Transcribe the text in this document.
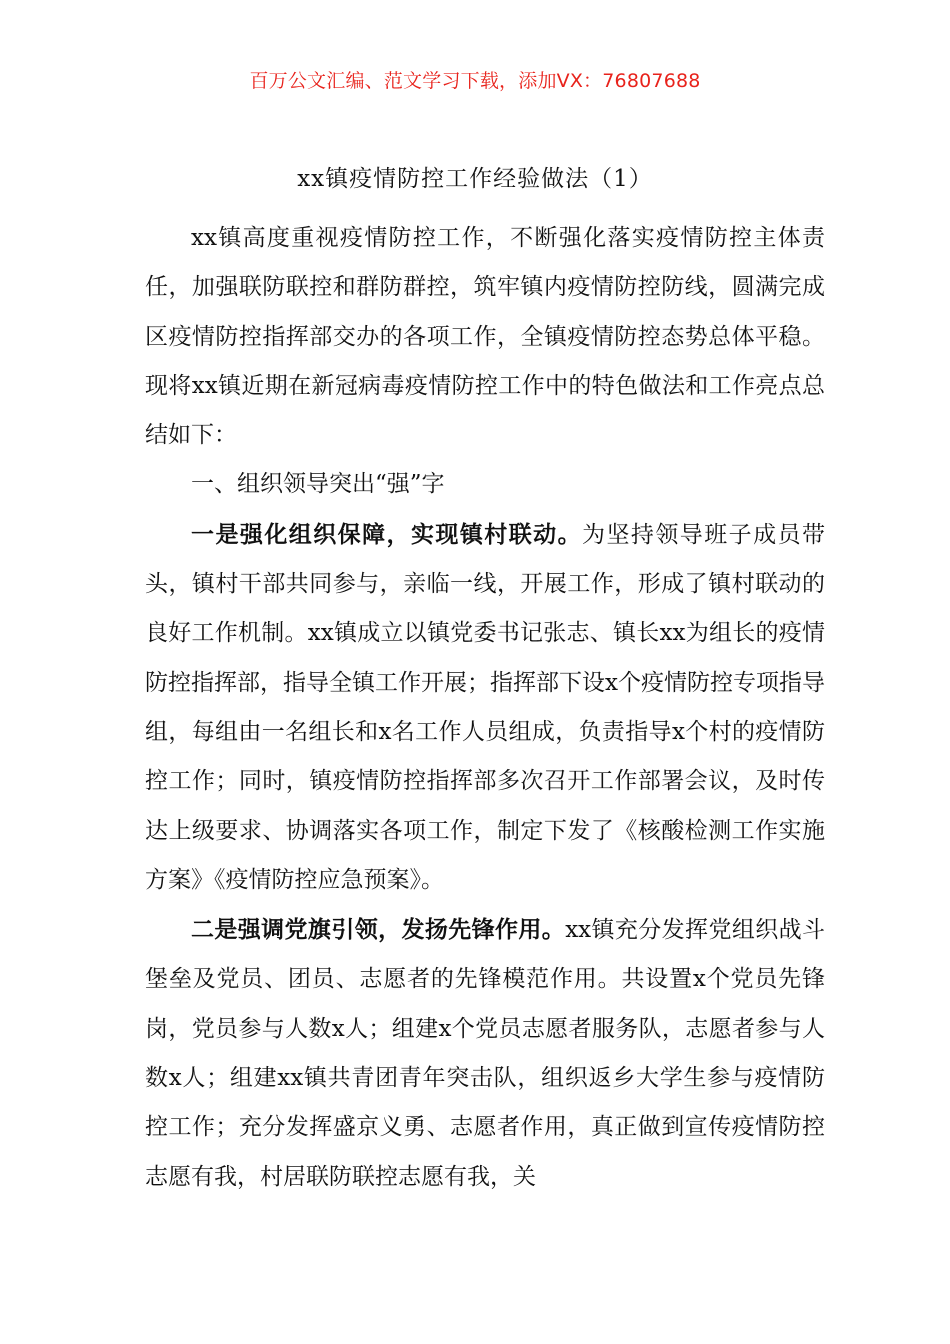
百万公文汇编、范文学习下载，添加VX：76807688
xx镇疫情防控工作经验做法（1）

xx镇高度重视疫情防控工作，不断强化落实疫情防控主体责任，加强联防联控和群防群控，筑牢镇内疫情防控防线，圆满完成区疫情防控指挥部交办的各项工作，全镇疫情防控态势总体平稳。现将xx镇近期在新冠病毒疫情防控工作中的特色做法和工作亮点总结如下：

一、组织领导突出“强”字

一是强化组织保障，实现镇村联动。为坚持领导班子成员带头，镇村干部共同参与，亲临一线，开展工作，形成了镇村联动的良好工作机制。xx镇成立以镇党委书记张志、镇长xx为组长的疫情防控指挥部，指导全镇工作开展；指挥部下设x个疫情防控专项指导组，每组由一名组长和x名工作人员组成，负责指导x个村的疫情防控工作；同时，镇疫情防控指挥部多次召开工作部署会议，及时传达上级要求、协调落实各项工作，制定下发了《核酸检测工作实施方案》《疫情防控应急预案》。

二是强调党旗引领，发扬先锋作用。xx镇充分发挥党组织战斗堡垒及党员、团员、志愿者的先锋模范作用。共设置x个党员先锋岗，党员参与人数x人；组建x个党员志愿者服务队，志愿者参与人数x人；组建xx镇共青团青年突击队，组织返乡大学生参与疫情防控工作；充分发挥盛京义勇、志愿者作用，真正做到宣传疫情防控志愿有我，村居联防联控志愿有我，关
